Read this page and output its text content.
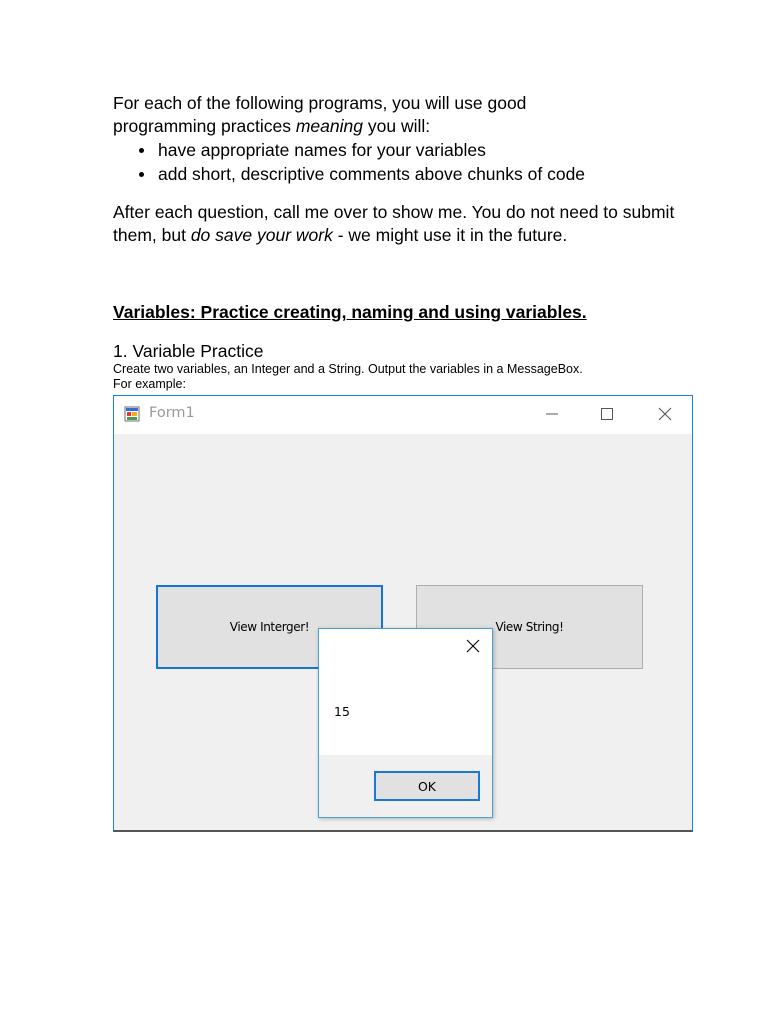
For each of the following programs, you will use good
programming practices meaning you will:

have appropriate names for your variables
add short, descriptive comments above chunks of code

After each question, call me over to show me. You do not need to submit them, but do save your work - we might use it in the future.

Variables: Practice creating, naming and using variables.
1. Variable Practice
Create two variables, an Integer and a String. Output the variables in a MessageBox.
For example:
Form1
View Interger!	View String!
15
OK
